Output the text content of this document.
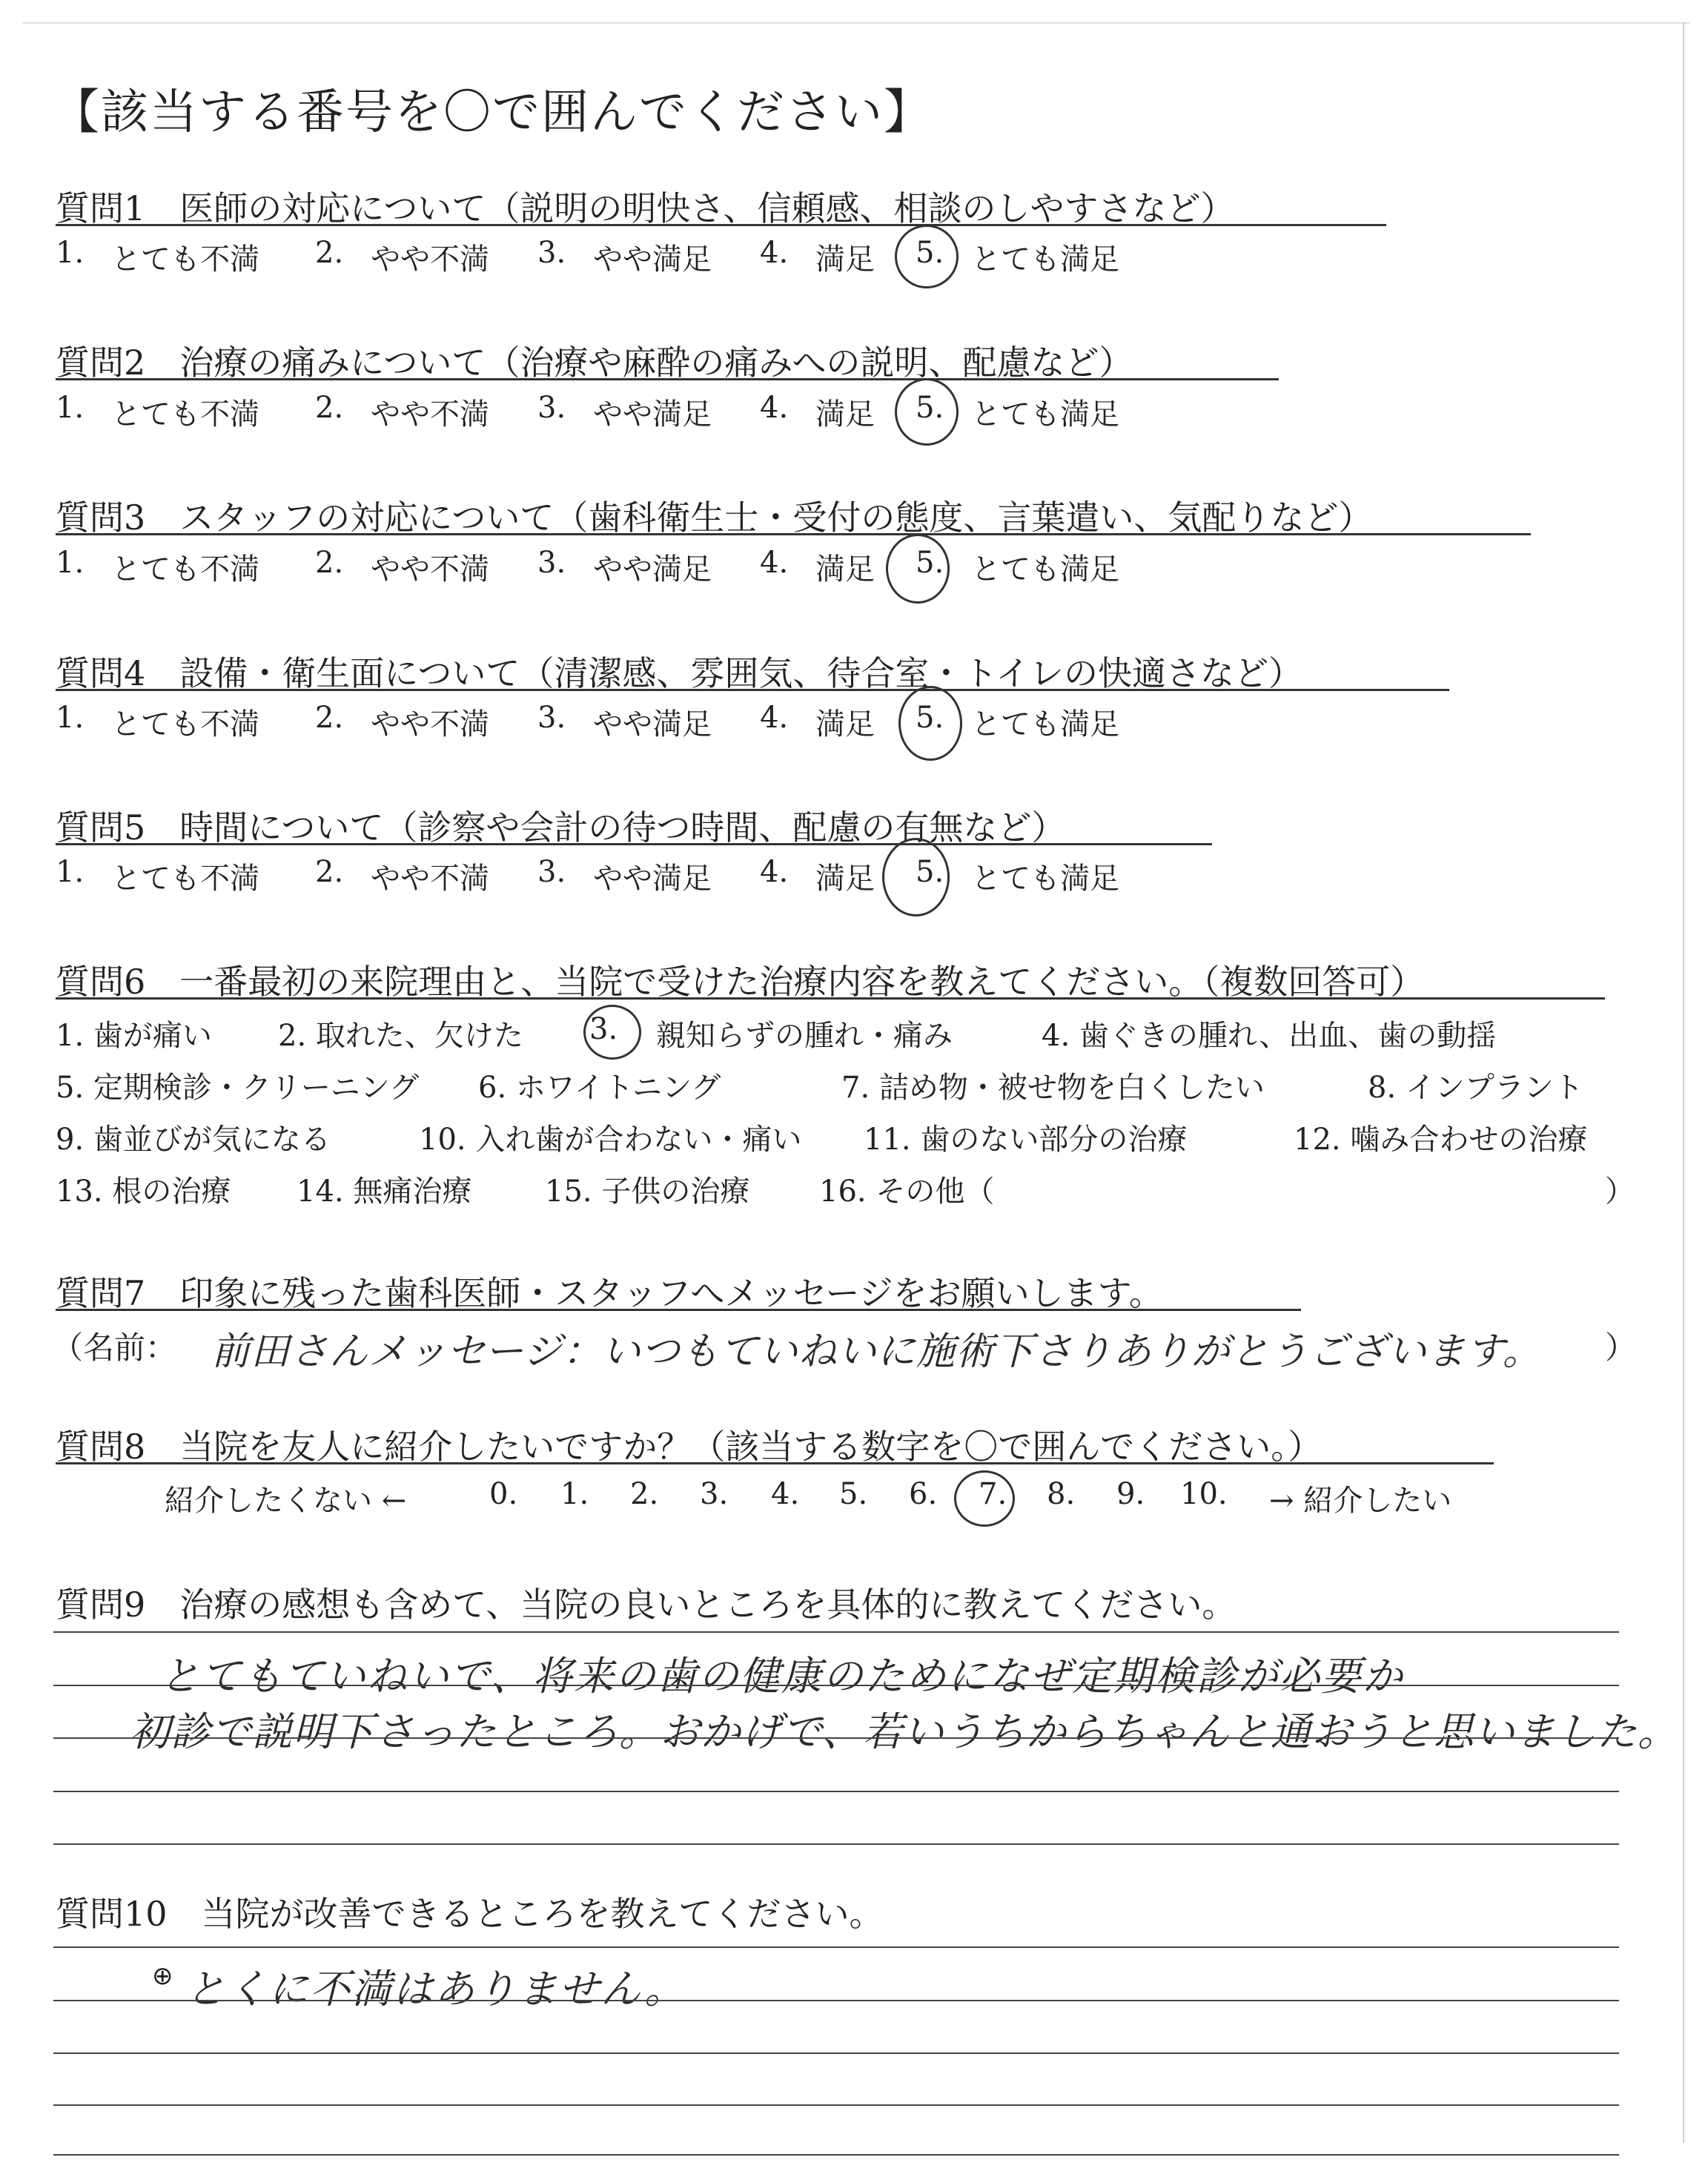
【該当する番号を〇で囲んでください】
質問1　医師の対応について（説明の明快さ、信頼感、相談のしやすさなど）
1. とても不満 2. やや不満 3. やや満足 4. 満足 5. とても満足
質問2　治療の痛みについて（治療や麻酔の痛みへの説明、配慮など）
1. とても不満 2. やや不満 3. やや満足 4. 満足 5. とても満足
質問3　スタッフの対応について（歯科衛生士・受付の態度、言葉遣い、気配りなど）
1. とても不満 2. やや不満 3. やや満足 4. 満足 5. とても満足
質問4　設備・衛生面について（清潔感、雰囲気、待合室・トイレの快適さなど）
1. とても不満 2. やや不満 3. やや満足 4. 満足 5. とても満足
質問5　時間について（診察や会計の待つ時間、配慮の有無など）
1. とても不満 2. やや不満 3. やや満足 4. 満足 5. とても満足
質問6　一番最初の来院理由と、当院で受けた治療内容を教えてください。（複数回答可）
1. 歯が痛い 2. 取れた、欠けた 3. 親知らずの腫れ・痛み	4. 歯ぐきの腫れ、出血、歯の動揺
5. 定期検診・クリーニング 6. ホワイトニング	7. 詰め物・被せ物を白くしたい	8. インプラント
9. 歯並びが気になる	10. 入れ歯が合わない・痛い 11. 歯のない部分の治療	12. 噛み合わせの治療
13. 根の治療 14. 無痛治療 15. 子供の治療 16. その他（	）
質問7　印象に残った歯科医師・スタッフへメッセージをお願いします。
（名前： 前田さんメッセージ：いつもていねいに施術下さりありがとうございます。 ）
質問8　当院を友人に紹介したいですか？（該当する数字を〇で囲んでください。）
紹介したくない ←	0. 1. 2. 3. 4. 5. 6. 7. 8. 9. 10. → 紹介したい
質問9　治療の感想も含めて、当院の良いところを具体的に教えてください。
とてもていねいで、将来の歯の健康のためになぜ定期検診が必要か
初診で説明下さったところ。おかげで、若いうちからちゃんと通おうと思いました。
質問10　当院が改善できるところを教えてください。
⊕ とくに不満はありません。
